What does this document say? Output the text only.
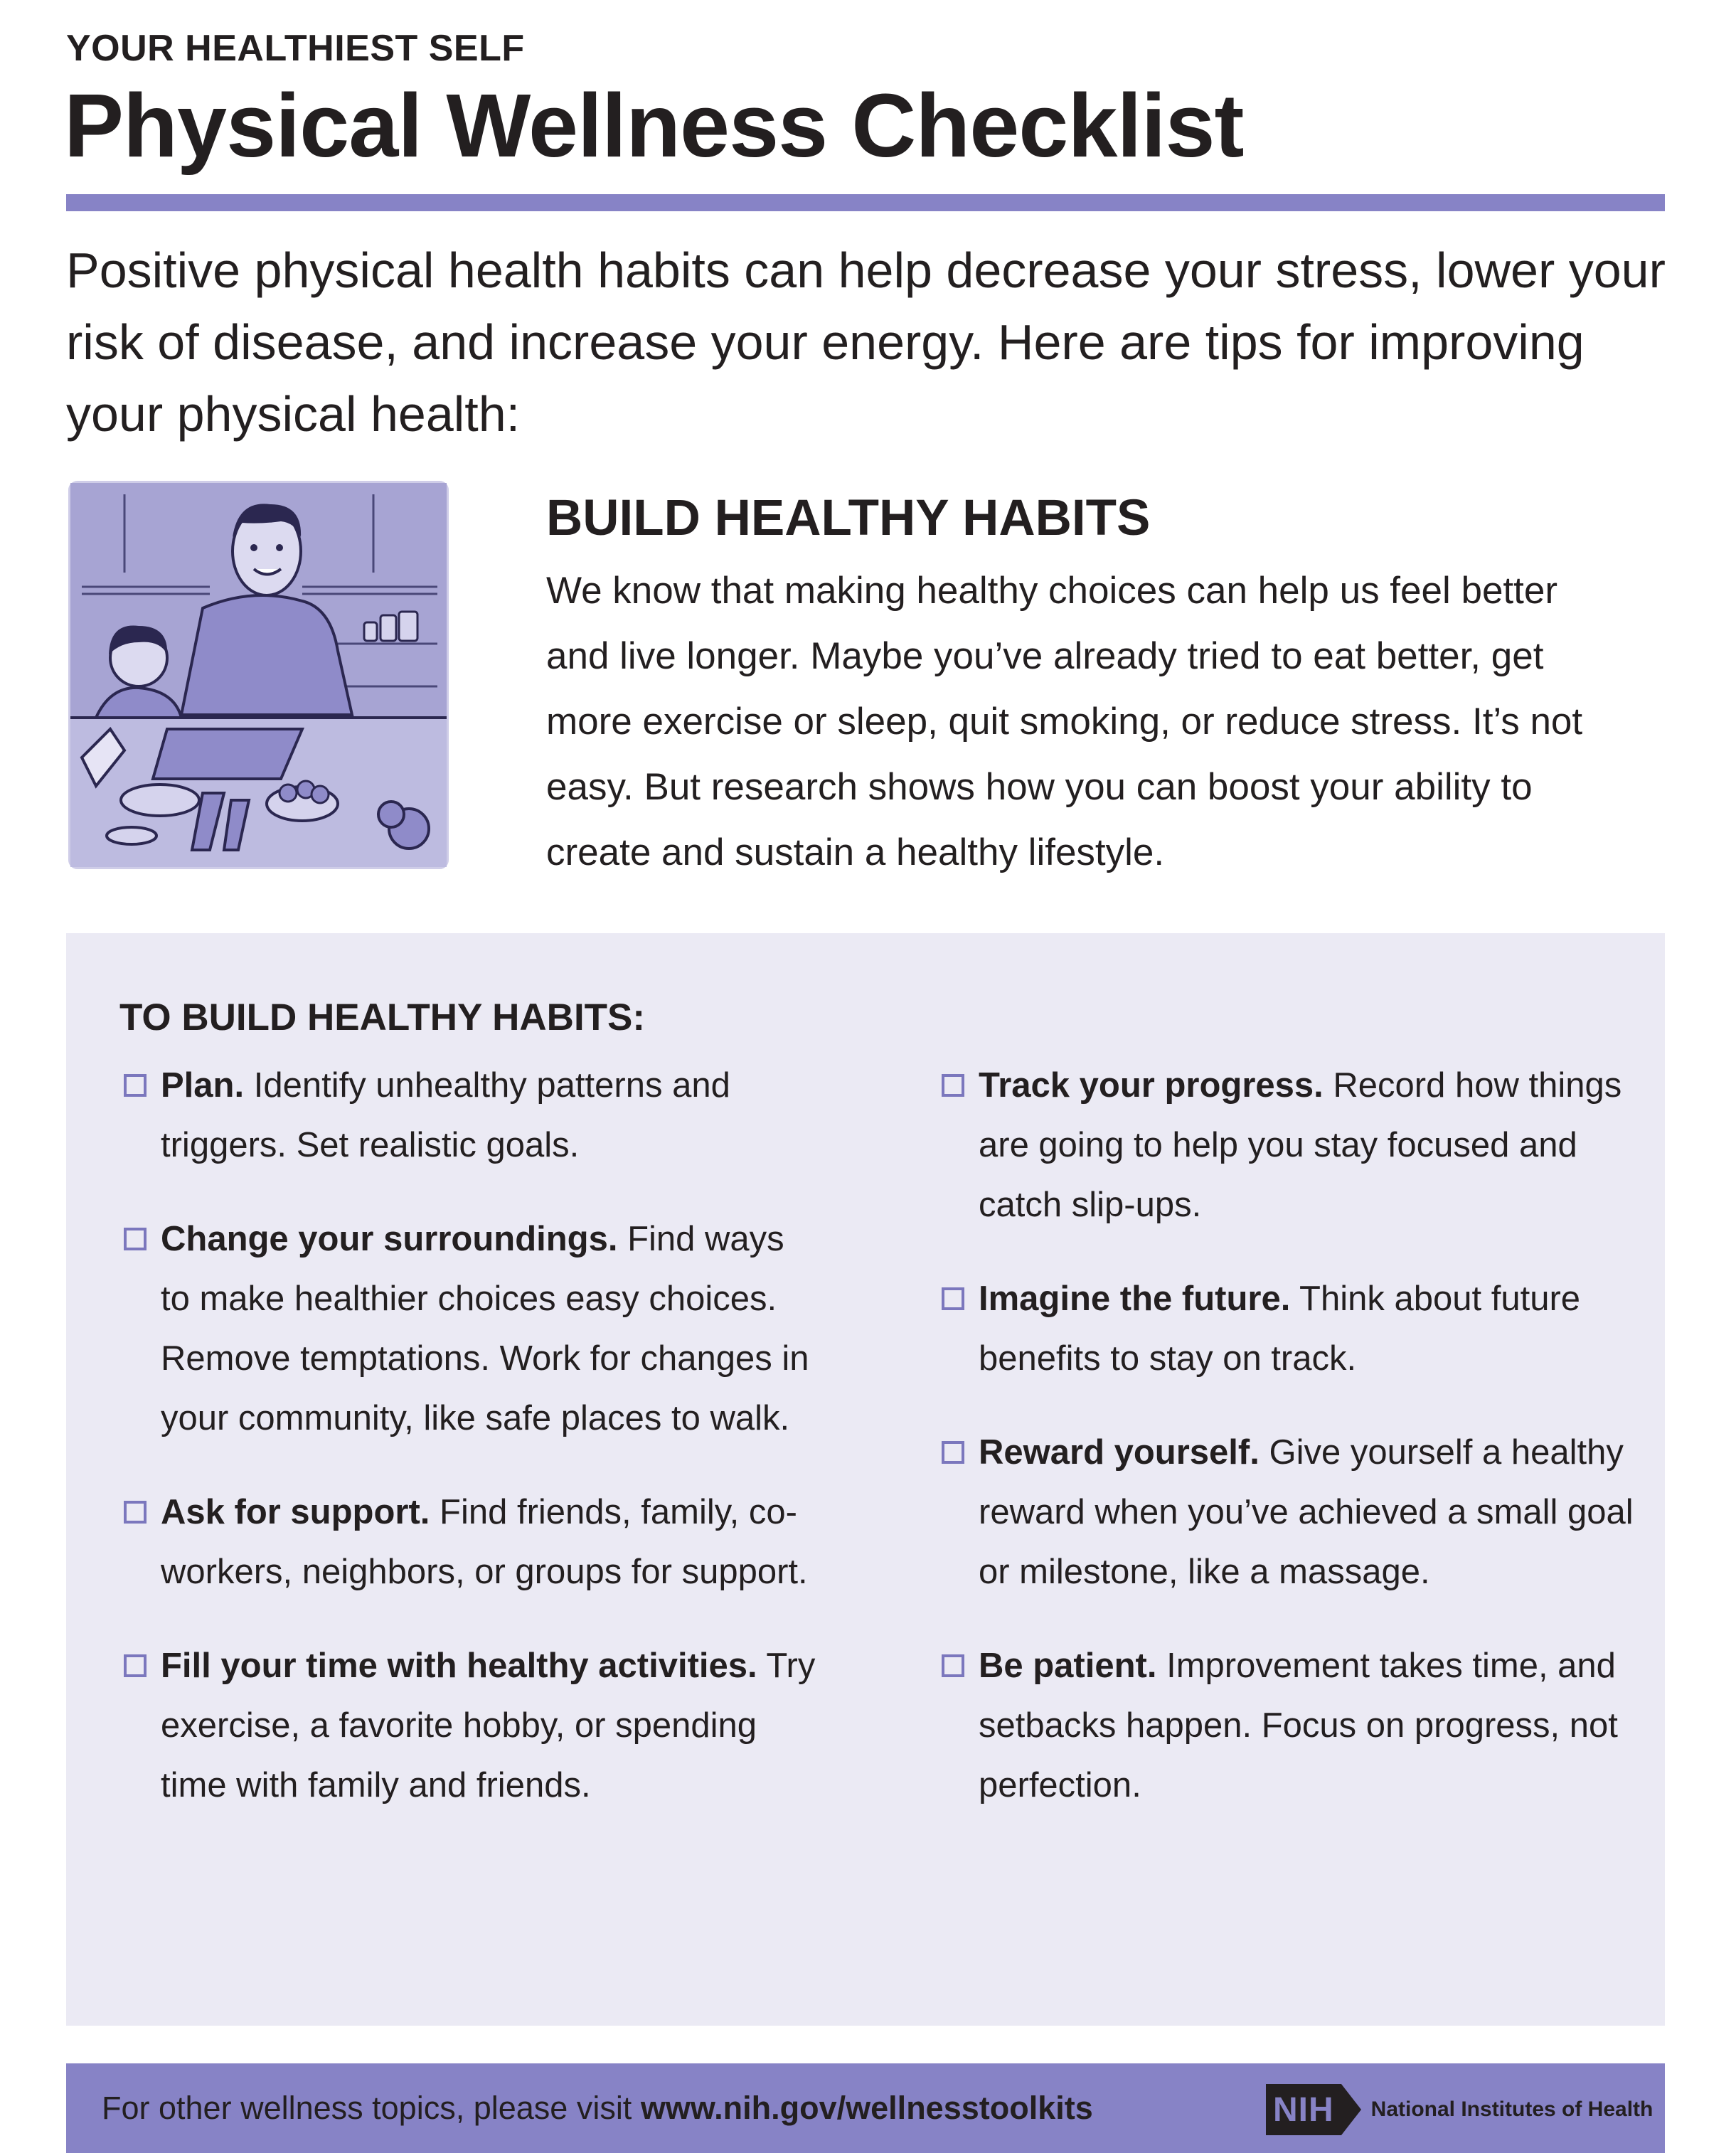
YOUR HEALTHIEST SELF
Physical Wellness Checklist
Positive physical health habits can help decrease your stress, lower your risk of disease, and increase your energy. Here are tips for improving your physical health:
BUILD HEALTHY HABITS
We know that making healthy choices can help us feel better and live longer. Maybe you’ve already tried to eat better, get more exercise or sleep, quit smoking, or reduce stress. It’s not easy. But research shows how you can boost your ability to create and sustain a healthy lifestyle.
TO BUILD HEALTHY HABITS:
Plan. Identify unhealthy patterns and triggers. Set realistic goals.
Change your surroundings. Find ways to make healthier choices easy choices. Remove temptations. Work for changes in your community, like safe places to walk.
Ask for support. Find friends, family, co-workers, neighbors, or groups for support.
Fill your time with healthy activities. Try exercise, a favorite hobby, or spending time with family and friends.
Track your progress. Record how things are going to help you stay focused and catch slip-ups.
Imagine the future. Think about future benefits to stay on track.
Reward yourself. Give yourself a healthy reward when you’ve achieved a small goal or milestone, like a massage.
Be patient. Improvement takes time, and setbacks happen. Focus on progress, not perfection.
For other wellness topics, please visit www.nih.gov/wellnesstoolkits	NIH	National Institutes of Health
